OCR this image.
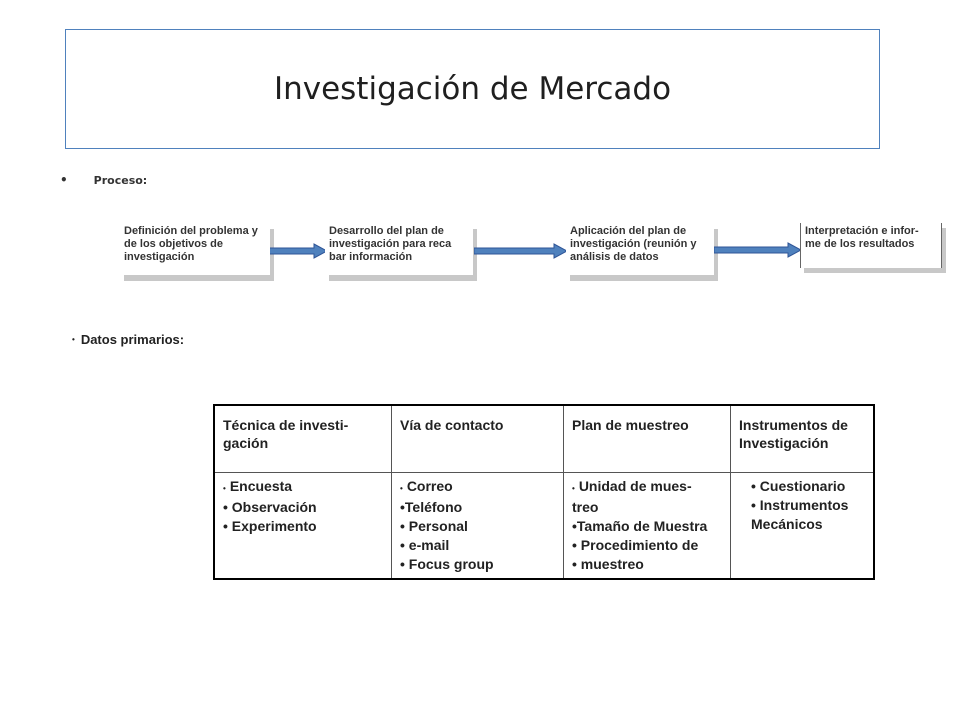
Investigación de Mercado
• Proceso:
Definición del problema y de los objetivos de investigación
Desarrollo del plan de investigación para reca bar información
Aplicación del plan de investigación (reunión y análisis de datos
Interpretación e infor- me de los resultados
• Datos primarios:
Técnica de investi- gación	Vía de contacto	Plan de muestreo	Instrumentos de Investigación

• Encuesta
• Observación
• Experimento	• Correo
•Teléfono
• Personal
• e-mail
• Focus group	• Unidad de mues- treo
•Tamaño de Muestra
• Procedimiento de
• muestreo	• Cuestionario
• Instrumentos Mecánicos
